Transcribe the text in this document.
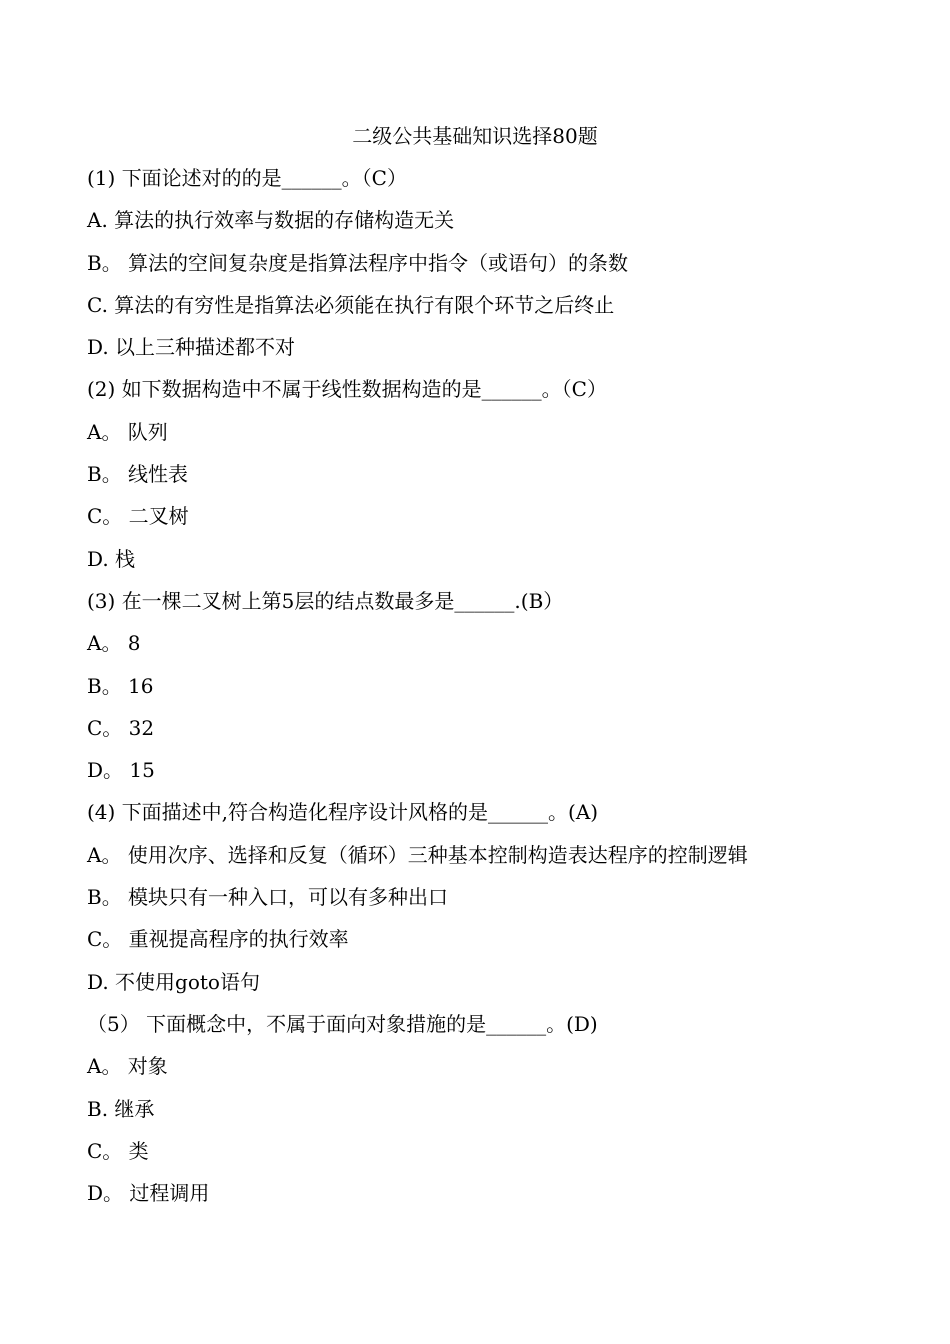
二级公共基础知识选择80题
(1) 下面论述对的的是______。（C）
A. 算法的执行效率与数据的存储构造无关
B。 算法的空间复杂度是指算法程序中指令（或语句）的条数
C. 算法的有穷性是指算法必须能在执行有限个环节之后终止
D. 以上三种描述都不对
(2) 如下数据构造中不属于线性数据构造的是______。（C）
A。 队列
B。 线性表
C。 二叉树
D. 栈
(3) 在一棵二叉树上第5层的结点数最多是______.(B）
A。 8
B。 16
C。 32
D。 15
(4) 下面描述中,符合构造化程序设计风格的是______。(A)
A。 使用次序、选择和反复（循环）三种基本控制构造表达程序的控制逻辑
B。 模块只有一种入口，可以有多种出口
C。 重视提高程序的执行效率
D. 不使用goto语句
（5） 下面概念中，不属于面向对象措施的是______。(D)
A。 对象
B. 继承
C。 类
D。 过程调用
